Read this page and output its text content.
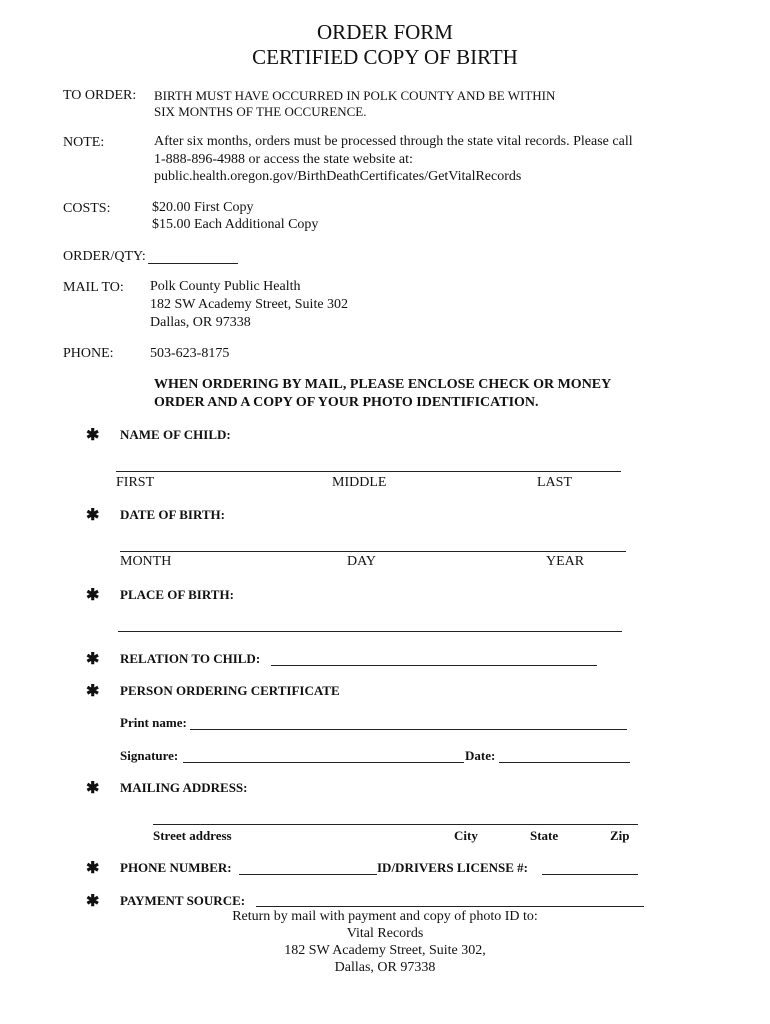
ORDER FORM
CERTIFIED COPY OF BIRTH
TO ORDER: BIRTH MUST HAVE OCCURRED IN POLK COUNTY AND BE WITHIN
SIX MONTHS OF THE OCCURENCE.
NOTE:	After six months, orders must be processed through the state vital records. Please call
1-888-896-4988 or access the state website at:
public.health.oregon.gov/BirthDeathCertificates/GetVitalRecords
COSTS:	$20.00 First Copy
$15.00 Each Additional Copy
ORDER/QTY:
MAIL TO: Polk County Public Health
182 SW Academy Street, Suite 302
Dallas, OR 97338
PHONE:	503-623-8175
WHEN ORDERING BY MAIL, PLEASE ENCLOSE CHECK OR MONEY
ORDER AND A COPY OF YOUR PHOTO IDENTIFICATION.
✱ NAME OF CHILD:
FIRST	MIDDLE	LAST
✱ DATE OF BIRTH:
MONTH	DAY	YEAR
✱ PLACE OF BIRTH:
✱ RELATION TO CHILD:
✱ PERSON ORDERING CERTIFICATE
Print name:
Signature:	Date:
✱ MAILING ADDRESS:
Street address	City	State	Zip
✱ PHONE NUMBER:	ID/DRIVERS LICENSE #:
✱ PAYMENT SOURCE:
Return by mail with payment and copy of photo ID to:
Vital Records
182 SW Academy Street, Suite 302,
Dallas, OR 97338
